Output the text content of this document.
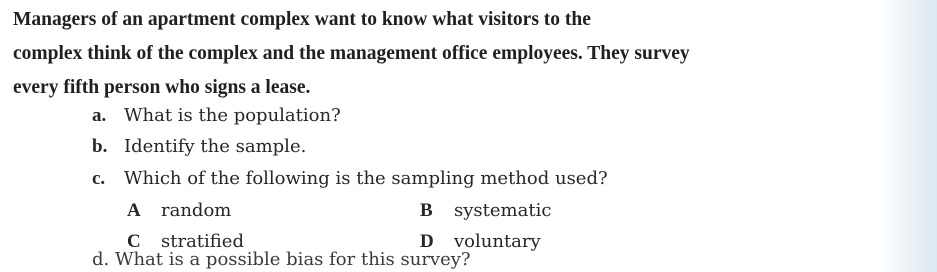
Managers of an apartment complex want to know what visitors to the
complex think of the complex and the management office employees. They survey
every fifth person who signs a lease.
a. What is the population?
b. Identify the sample.
c. Which of the following is the sampling method used?
A random	B systematic
C stratified	D voluntary
d. What is a possible bias for this survey?
